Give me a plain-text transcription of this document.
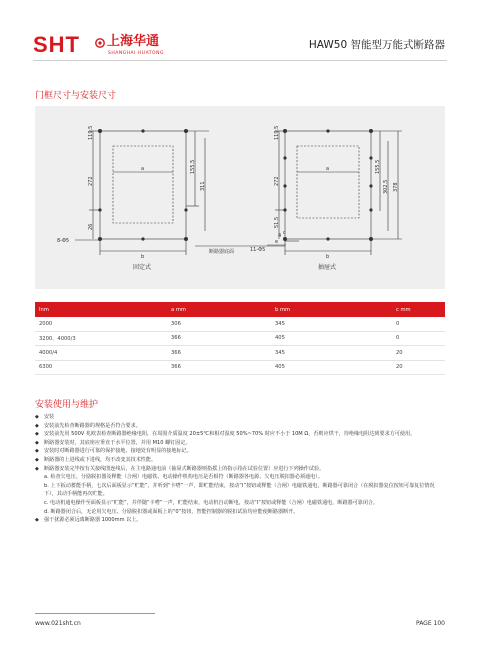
SHT 上海华通
SHANGHAI HUATONG
HAW50 智能型万能式断路器
门框尺寸与安装尺寸
119.5
155.5
311
272
26
8-Φ5
a
b
固定式
断路器底面
119.5
155.5
302.5 378
272
51.5
4
11-Φ5
c
e
a
b
抽屉式
Inm	a mm	b mm	c mm
2000	306	345	0
3200、4000/3	366	405	0
4000/4	366	345	20
6300	366	405	20
安装使用与维护

◆ 安装

◆ 安装前先检查断路器的规格是否符合要求。

◆ 安装前先用 500V 兆欧表检查断路器绝缘电阻，在周围介质温度 20±5℃和相对湿度 50%~70% 时应不小于 10M Ω，否则应烘干，待绝缘电阻达到要求方可使用。

◆ 断路器安装时，其底座应垂直于水平位置，并用 M10 螺钉固定。

◆ 安装时对断路器进行可靠的保护接地，接地处有明显的接地标记。

◆ 断路器的上进线或下进线，均不改变其技术性能。

◆ 断路器安装完毕按有关接线图连线后，在主电路通电前（抽屉式断路器则指摇上的指示指在试验位置）应进行下列操作试验。

a. 检查欠电压、分励脱扣器及释能（合闸）电磁铁、电动操作机构电压是否相符（断路器各电源、欠电压脱扣器必须通电）。

b. 上下扳动蓄能手柄，七次后面板显示“贮能”，并听到“卡嗒”一声，即贮能结束，按动“I”按钮或释能（合闸）电磁铁通电，断路器可靠闭合（在脱扣器复位按钮可靠复位情况下），其动手柄能再次贮能。

c. 电动机通电操作至面板显示“贮能”，并伴随“卡嗒”一声，贮能结束，电动机自动断电，按动“I”按钮或释能（合闸）电磁铁通电，断路器可靠闭合。

d. 断路器闭合后，无论用欠电压、分励脱扣器或面板上的“0”按钮，智能控制器的脱扣试验均应能使断路器断开。

◆ 强干扰源必须远离断路器 1000mm 以上。

www.021sht.cn	PAGE 100
